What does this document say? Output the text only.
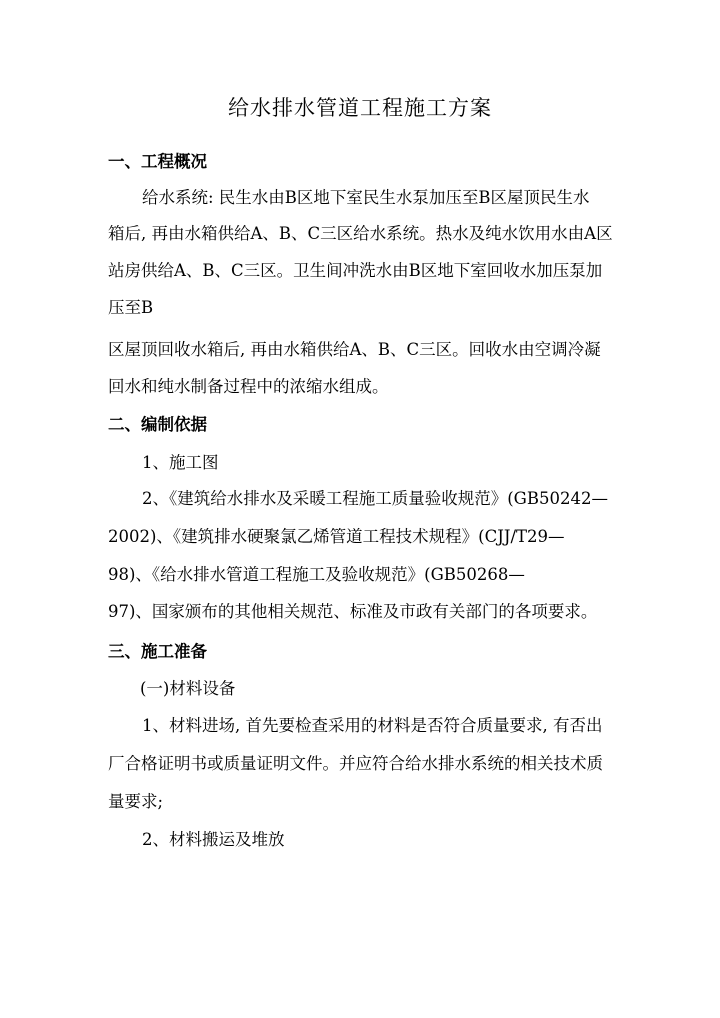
给水排水管道工程施工方案
一、工程概况
给水系统: 民生水由B区地下室民生水泵加压至B区屋顶民生水
箱后, 再由水箱供给A、B、C三区给水系统。热水及纯水饮用水由A区
站房供给A、B、C三区。卫生间冲洗水由B区地下室回收水加压泵加
压至B
区屋顶回收水箱后, 再由水箱供给A、B、C三区。回收水由空调冷凝
回水和纯水制备过程中的浓缩水组成。
二、编制依据
1、施工图
2、《建筑给水排水及采暖工程施工质量验收规范》(GB50242—
2002)、《建筑排水硬聚氯乙烯管道工程技术规程》(CJJ/T29—
98)、《给水排水管道工程施工及验收规范》(GB50268—
97)、国家颁布的其他相关规范、标准及市政有关部门的各项要求。
三、施工准备
(一)材料设备
1、材料进场, 首先要检查采用的材料是否符合质量要求, 有否出
厂合格证明书或质量证明文件。并应符合给水排水系统的相关技术质
量要求;
2、材料搬运及堆放
